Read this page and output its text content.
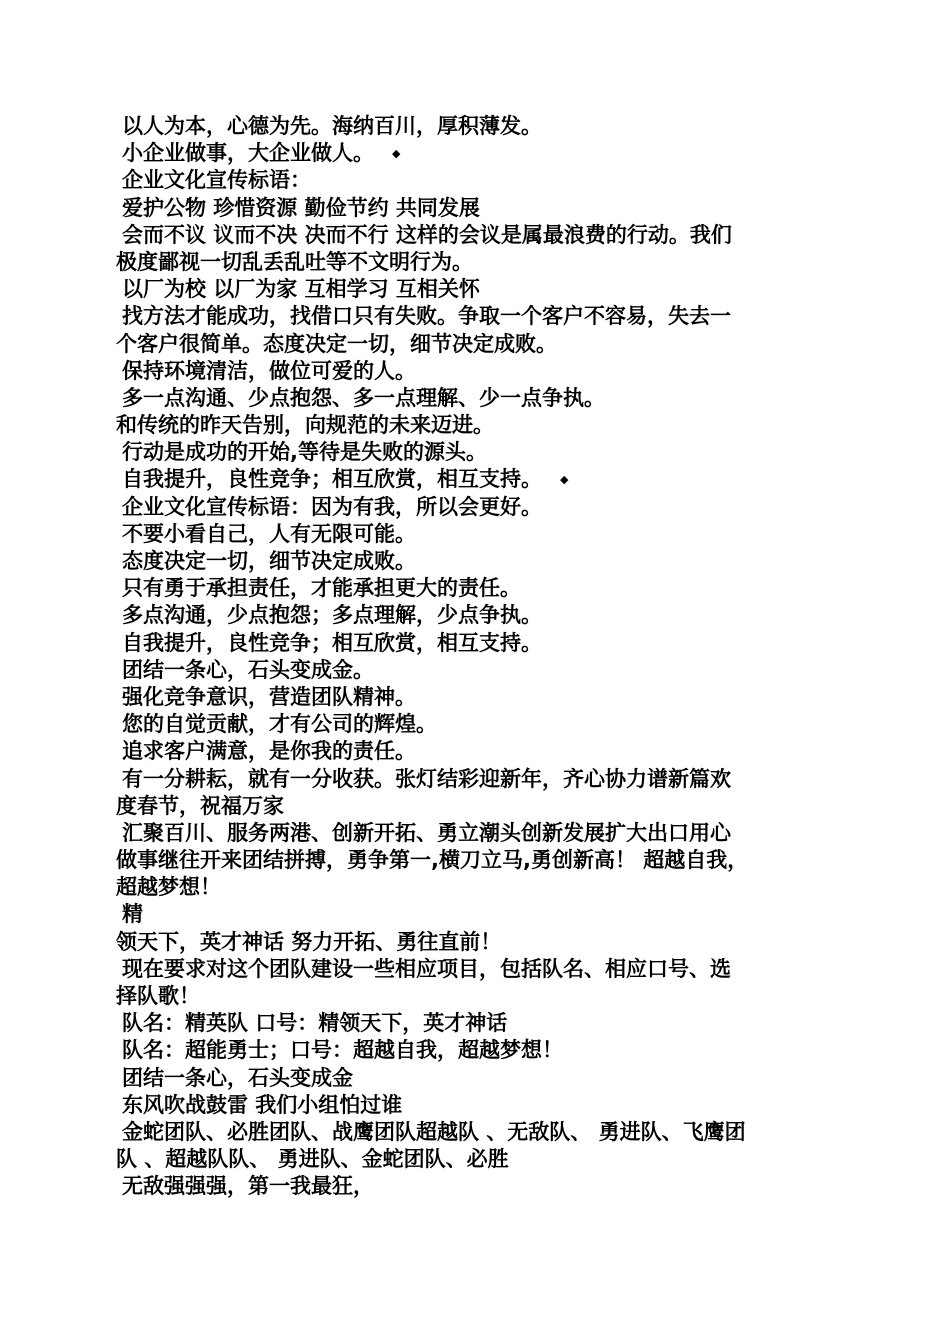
以人为本，心德为先。海纳百川，厚积薄发。

小企业做事，大企业做人。 ◆

企业文化宣传标语：

爱护公物 珍惜资源 勤俭节约 共同发展

会而不议 议而不决 决而不行 这样的会议是属最浪费的行动。我们

极度鄙视一切乱丢乱吐等不文明行为。

以厂为校 以厂为家 互相学习 互相关怀

找方法才能成功，找借口只有失败。争取一个客户不容易，失去一

个客户很简单。态度决定一切，细节决定成败。

保持环境清洁，做位可爱的人。

多一点沟通、少点抱怨、多一点理解、少一点争执。

和传统的昨天告别，向规范的未来迈进。

行动是成功的开始,等待是失败的源头。

自我提升，良性竞争；相互欣赏，相互支持。 ◆

企业文化宣传标语：因为有我，所以会更好。

不要小看自己，人有无限可能。

态度决定一切，细节决定成败。

只有勇于承担责任，才能承担更大的责任。

多点沟通，少点抱怨；多点理解，少点争执。

自我提升，良性竞争；相互欣赏，相互支持。

团结一条心，石头变成金。

强化竞争意识，营造团队精神。

您的自觉贡献，才有公司的辉煌。

追求客户满意，是你我的责任。

有一分耕耘，就有一分收获。张灯结彩迎新年，齐心协力谱新篇欢

度春节，祝福万家

汇聚百川、服务两港、创新开拓、勇立潮头创新发展扩大出口用心

做事继往开来团结拼搏，勇争第一,横刀立马,勇创新高！ 超越自我，

超越梦想！

精

领天下，英才神话 努力开拓、勇往直前！

现在要求对这个团队建设一些相应项目，包括队名、相应口号、选

择队歌！

队名：精英队 口号：精领天下，英才神话

队名：超能勇士；口号：超越自我，超越梦想！

团结一条心，石头变成金

东风吹战鼓雷 我们小组怕过谁

金蛇团队、必胜团队、战鹰团队超越队 、无敌队、 勇进队、飞鹰团

队 、超越队队、 勇进队、金蛇团队、必胜

无敌强强强，第一我最狂，
